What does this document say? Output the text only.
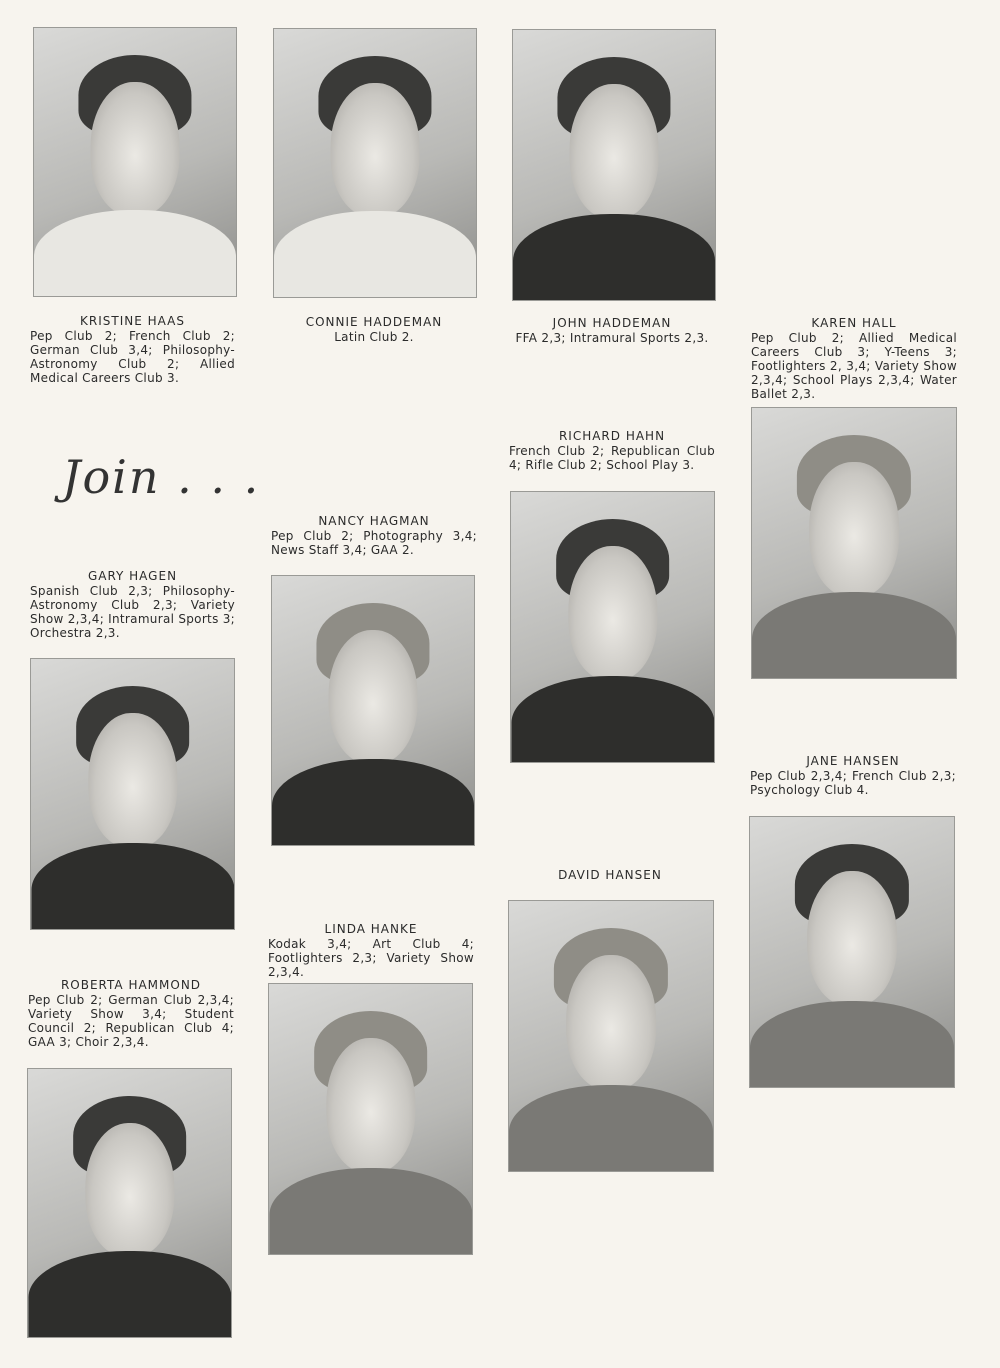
Join . . .
KRISTINE HAAS
Pep Club 2; French Club 2; German Club 3,4; Philosophy-Astronomy Club 2; Allied Medical Careers Club 3.
CONNIE HADDEMAN
Latin Club 2.
JOHN HADDEMAN
FFA 2,3; Intramural Sports 2,3.
KAREN HALL
Pep Club 2; Allied Medical Careers Club 3; Y-Teens 3; Footlighters 2, 3,4; Variety Show 2,3,4; School Plays 2,3,4; Water Ballet 2,3.
RICHARD HAHN
French Club 2; Republican Club 4; Rifle Club 2; School Play 3.
NANCY HAGMAN
Pep Club 2; Photography 3,4; News Staff 3,4; GAA 2.
GARY HAGEN
Spanish Club 2,3; Philosophy-Astronomy Club 2,3; Variety Show 2,3,4; Intramural Sports 3; Orchestra 2,3.
JANE HANSEN
Pep Club 2,3,4; French Club 2,3; Psychology Club 4.
DAVID HANSEN
LINDA HANKE
Kodak 3,4; Art Club 4; Footlighters 2,3; Variety Show 2,3,4.
ROBERTA HAMMOND
Pep Club 2; German Club 2,3,4; Variety Show 3,4; Student Council 2; Republican Club 4; GAA 3; Choir 2,3,4.
